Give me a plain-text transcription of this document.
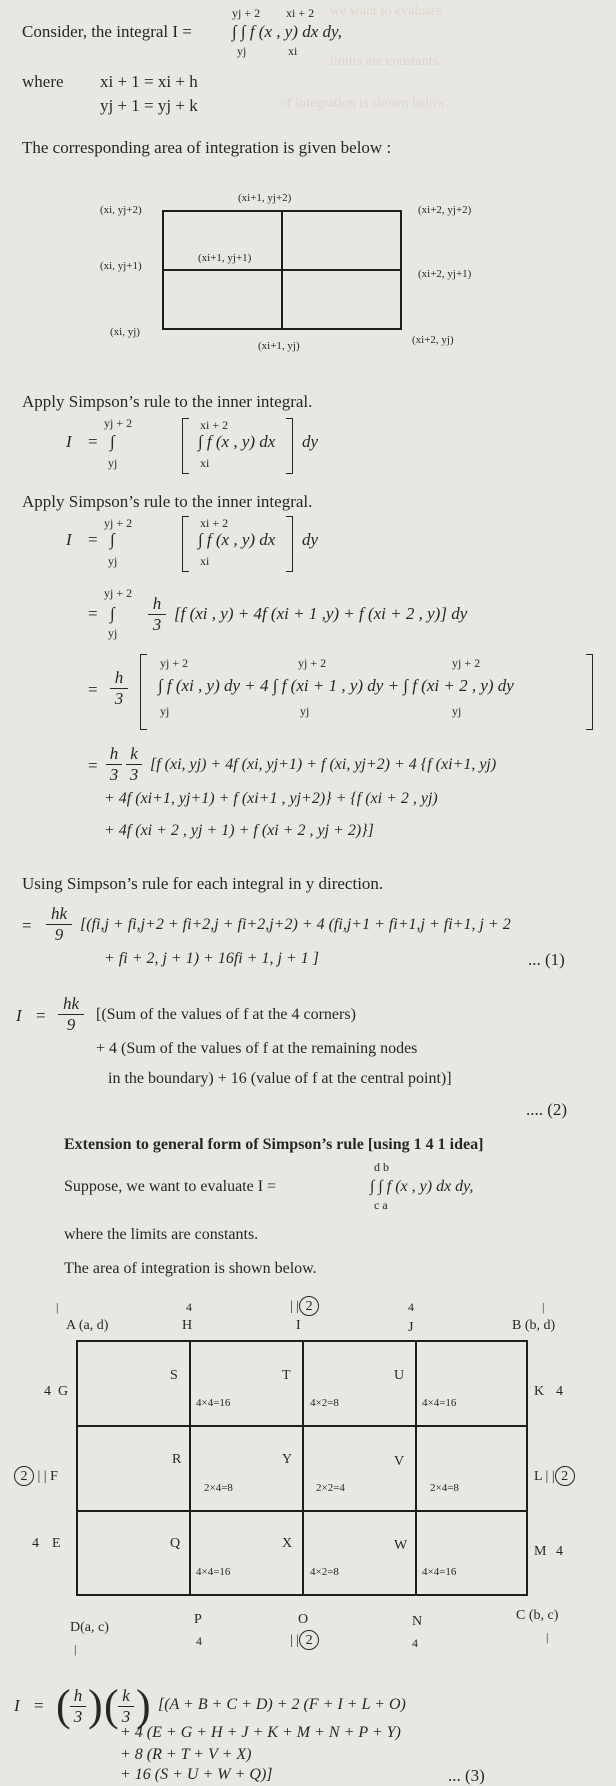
Consider, the integral I =
yj + 2
yj
xi + 2
xi
∫ ∫ f (x , y) dx dy,
where xi + 1 = xi + h
yj + 1 = yj + k
The corresponding area of integration is given below :
we want to evaluate
limits are constants.
of integration is shown below.
(xi, yj+2)
(xi+1, yj+2)
(xi+2, yj+2)
(xi, yj+1)
(xi+1, yj+1)
(xi+2, yj+1)
(xi, yj)
(xi+1, yj)	(xi+2, yj)
Apply Simpson’s rule to the inner integral.
I =
yj + 2
∫
yj
xi + 2
∫ f (x , y) dx
xi
dy
Apply Simpson’s rule to the inner integral.
I =
yj + 2
∫
yj
xi + 2
∫ f (x , y) dx
xi
dy
yj + 2
= ∫
yj $\frac{h}{3} [f$ (xi , y) + 4f (xi + 1 ,y) + f (xi + 2 , y)] dy
= $\frac{h}{3}$
yj + 2	yj + 2	yj + 2
∫ f (xi , y) dy + 4 ∫ f (xi + 1 , y) dy + ∫ f (xi + 2 , y) dy
yj	yj	yj
= $\frac{h}{3} \frac{k}{3} [f$ (xi, yj) + 4f (xi, yj+1) + f (xi, yj+2) + 4 {f (xi+1, yj)
+ 4f (xi+1, yj+1) + f (xi+1 , yj+2)} + {f (xi + 2 , yj)
+ 4f (xi + 2 , yj + 1) + f (xi + 2 , yj + 2)}]
Using Simpson’s rule for each integral in y direction.
= $\frac{hk}{9} [(fi,j + fi,j+2 + fi+2,j + fi+2,j+2) + 4$ (fi,j+1 + fi+1,j + fi+1, j + 2
+ fi + 2, j + 1) + 16fi + 1, j + 1 ]	... (1)
$I = \frac{hk}{9} [(Sum$ of the values of f at the 4 corners)
+ 4 (Sum of the values of f at the remaining nodes
in the boundary) + 16 (value of f at the central point)]
.... (2)
Extension to general form of Simpson’s rule [using 1 4 1 idea]
d b
Suppose, we want to evaluate I =	∫ ∫ f (x , y) dx dy,
c a
where the limits are constants.
The area of integration is shown below.
|
A (a, d)
4
H
| | 2
I
4
J
|
B (b, d)
4 G
2 | | F
4 E
K 4
L | | 2
M 4
D(a, c)
|
P
4
O
| | 2
N
4
C (b, c)
|
S	T	U
R	Y	V
Q	X	W
4×4=16	4×2=8	4×4=16
2×4=8	2×2=4	2×4=8
4×4=16	4×2=8	4×4=16
I = ( $\frac{h}{3}$ ) ( $\frac{k}{3}$ ) [(A + B + C + D) + 2 (F + I + L + O)
+ 4 (E + G + H + J + K + M + N + P + Y)
+ 8 (R + T + V + X)
+ 16 (S + U + W + Q)]	... (3)
